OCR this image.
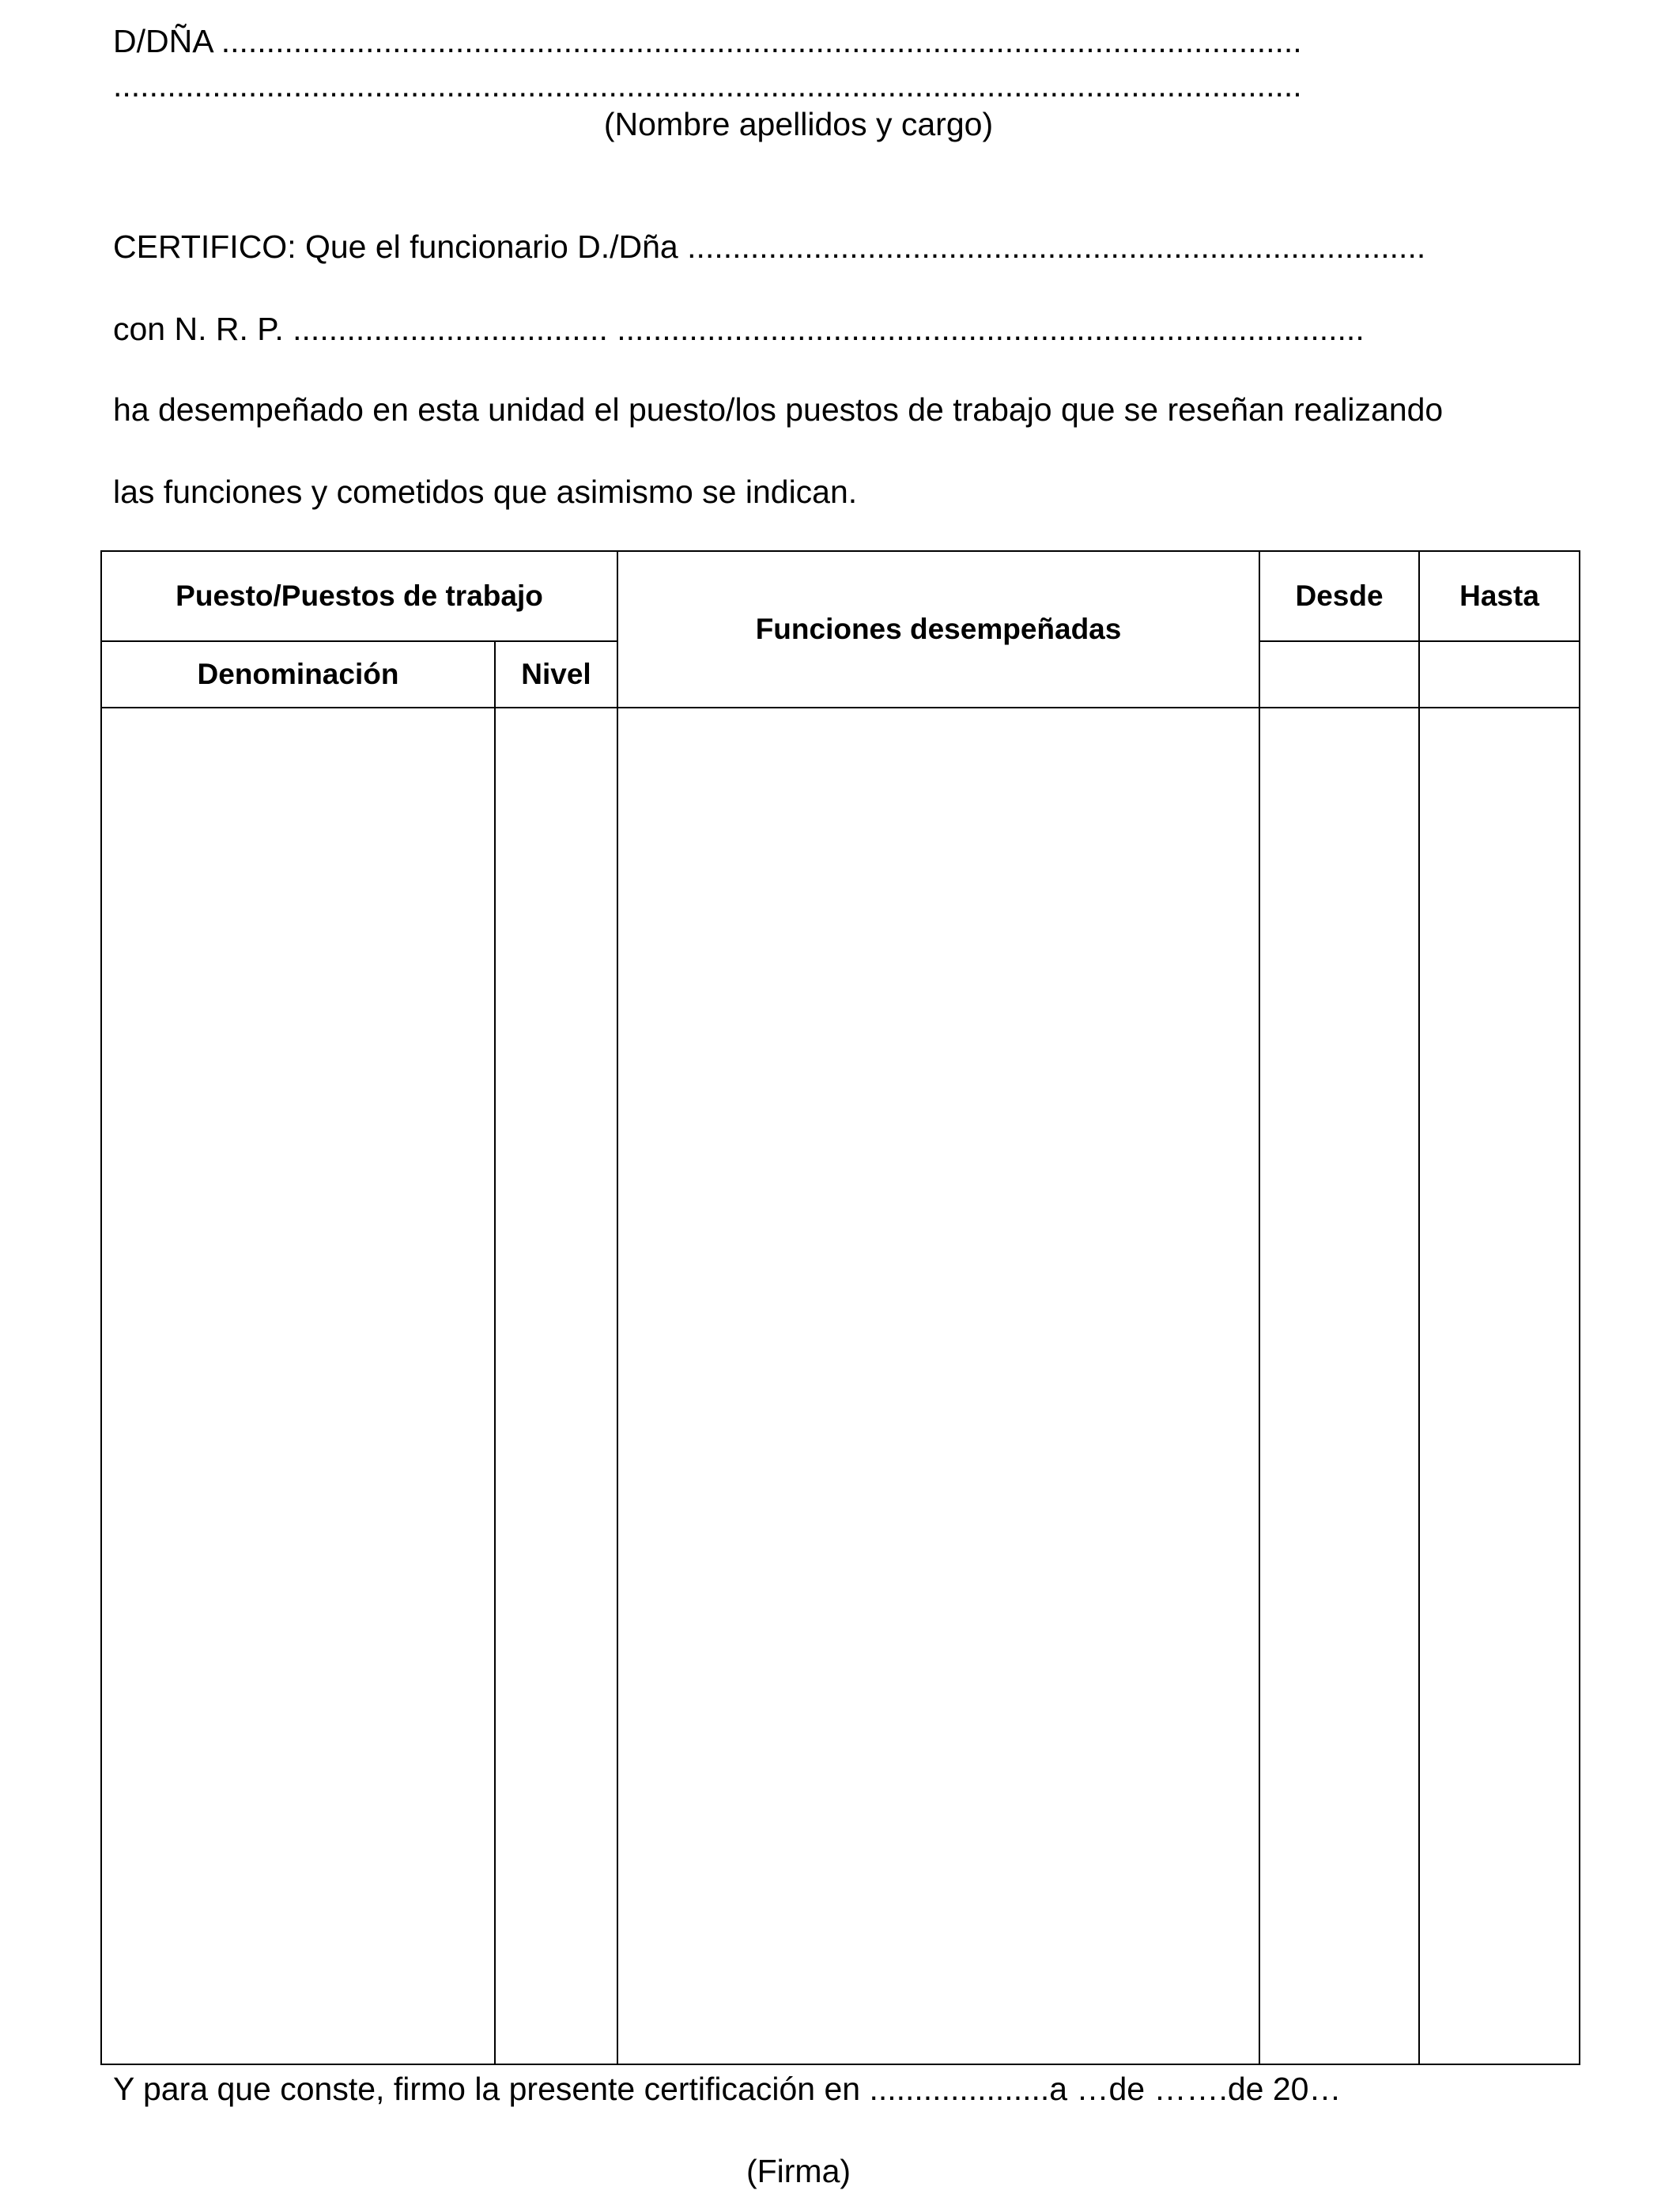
D/DÑA ........................................................................................................................
....................................................................................................................................
(Nombre apellidos y cargo)
CERTIFICO: Que el funcionario D./Dña ..................................................................................
con N. R. P. ................................... ...................................................................................
ha desempeñado en esta unidad el puesto/los puestos de trabajo que se reseñan realizando
las funciones y cometidos que asimismo se indican.
Puesto/Puestos de trabajo		Funciones desempeñadas	Desde	Hasta
Denominación	Nivel			

Y para que conste, firmo la presente certificación en ....................a …de …….de 20…
(Firma)
